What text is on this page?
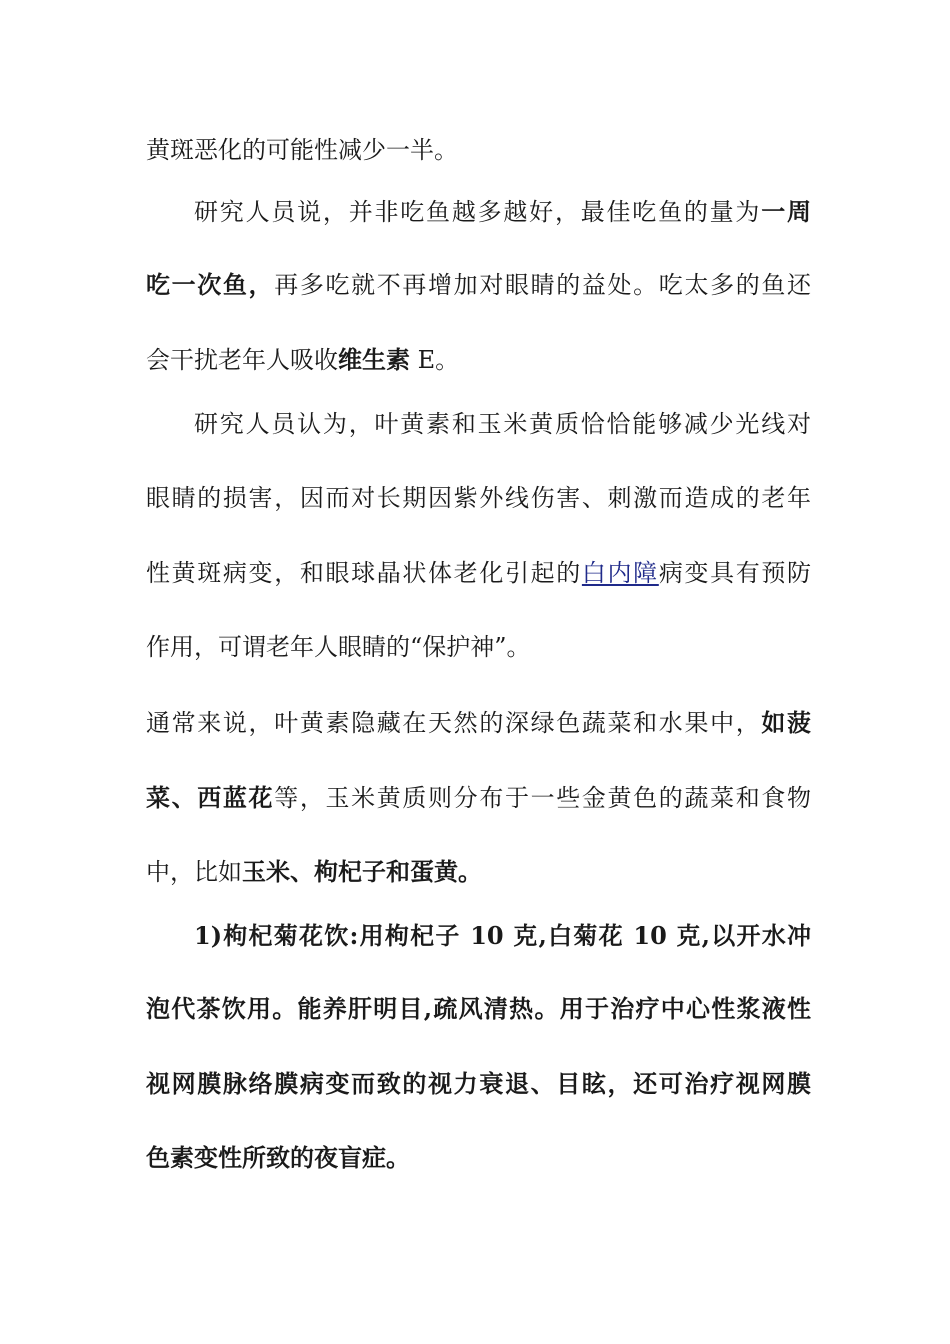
黄斑恶化的可能性减少一半。
研究人员说，并非吃鱼越多越好，最佳吃鱼的量为一周
吃一次鱼，再多吃就不再增加对眼睛的益处。吃太多的鱼还
会干扰老年人吸收维生素 E。
研究人员认为，叶黄素和玉米黄质恰恰能够减少光线对
眼睛的损害，因而对长期因紫外线伤害、刺激而造成的老年
性黄斑病变，和眼球晶状体老化引起的白内障病变具有预防
作用，可谓老年人眼睛的“保护神”。
通常来说，叶黄素隐藏在天然的深绿色蔬菜和水果中，如菠
菜、西蓝花等，玉米黄质则分布于一些金黄色的蔬菜和食物
中，比如玉米、枸杞子和蛋黄。
1)枸杞菊花饮:用枸杞子 10 克,白菊花 10 克,以开水冲
泡代茶饮用。能养肝明目,疏风清热。用于治疗中心性浆液性
视网膜脉络膜病变而致的视力衰退、目眩，还可治疗视网膜
色素变性所致的夜盲症。
